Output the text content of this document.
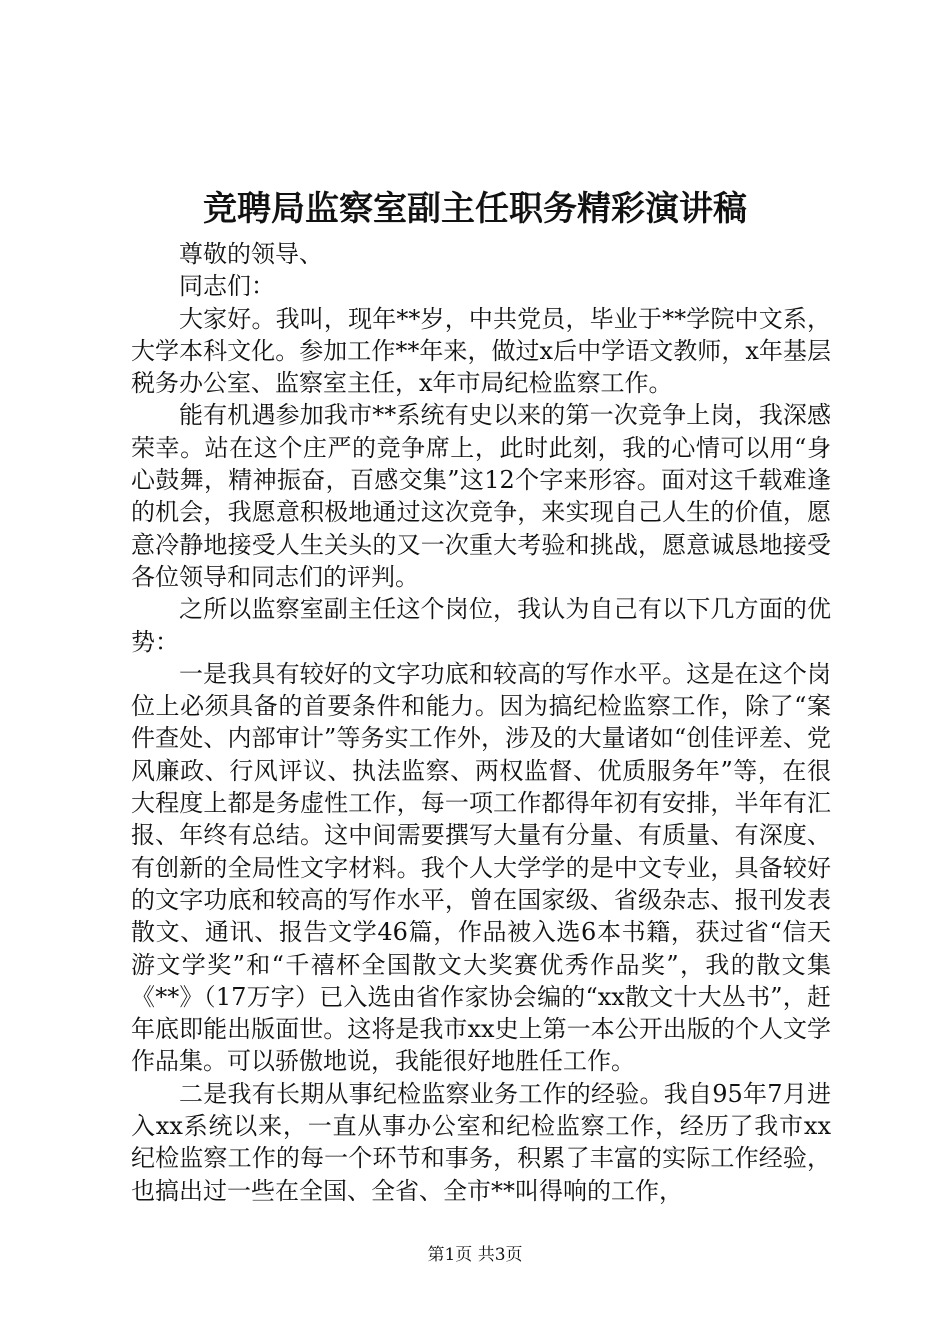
竞聘局监察室副主任职务精彩演讲稿

尊敬的领导、

同志们：

大家好。我叫，现年**岁，中共党员，毕业于**学院中文系，大学本科文化。参加工作**年来，做过x后中学语文教师，x年基层税务办公室、监察室主任，x年市局纪检监察工作。

能有机遇参加我市**系统有史以来的第一次竞争上岗，我深感荣幸。站在这个庄严的竞争席上，此时此刻，我的心情可以用“身心鼓舞，精神振奋，百感交集”这12个字来形容。面对这千载难逢的机会，我愿意积极地通过这次竞争，来实现自己人生的价值，愿意冷静地接受人生关头的又一次重大考验和挑战，愿意诚恳地接受各位领导和同志们的评判。

之所以监察室副主任这个岗位，我认为自己有以下几方面的优势：

一是我具有较好的文字功底和较高的写作水平。这是在这个岗位上必须具备的首要条件和能力。因为搞纪检监察工作，除了“案件查处、内部审计”等务实工作外，涉及的大量诸如“创佳评差、党风廉政、行风评议、执法监察、两权监督、优质服务年”等，在很大程度上都是务虚性工作，每一项工作都得年初有安排，半年有汇报、年终有总结。这中间需要撰写大量有分量、有质量、有深度、有创新的全局性文字材料。我个人大学学的是中文专业，具备较好的文字功底和较高的写作水平，曾在国家级、省级杂志、报刊发表散文、通讯、报告文学46篇，作品被入选6本书籍，获过省“信天游文学奖”和“千禧杯全国散文大奖赛优秀作品奖”，我的散文集《**》（17万字）已入选由省作家协会编的“xx散文十大丛书”，赶年底即能出版面世。这将是我市xx史上第一本公开出版的个人文学作品集。可以骄傲地说，我能很好地胜任工作。

二是我有长期从事纪检监察业务工作的经验。我自95年7月进入xx系统以来，一直从事办公室和纪检监察工作，经历了我市xx纪检监察工作的每一个环节和事务，积累了丰富的实际工作经验，也搞出过一些在全国、全省、全市**叫得响的工作，

第1页 共3页
